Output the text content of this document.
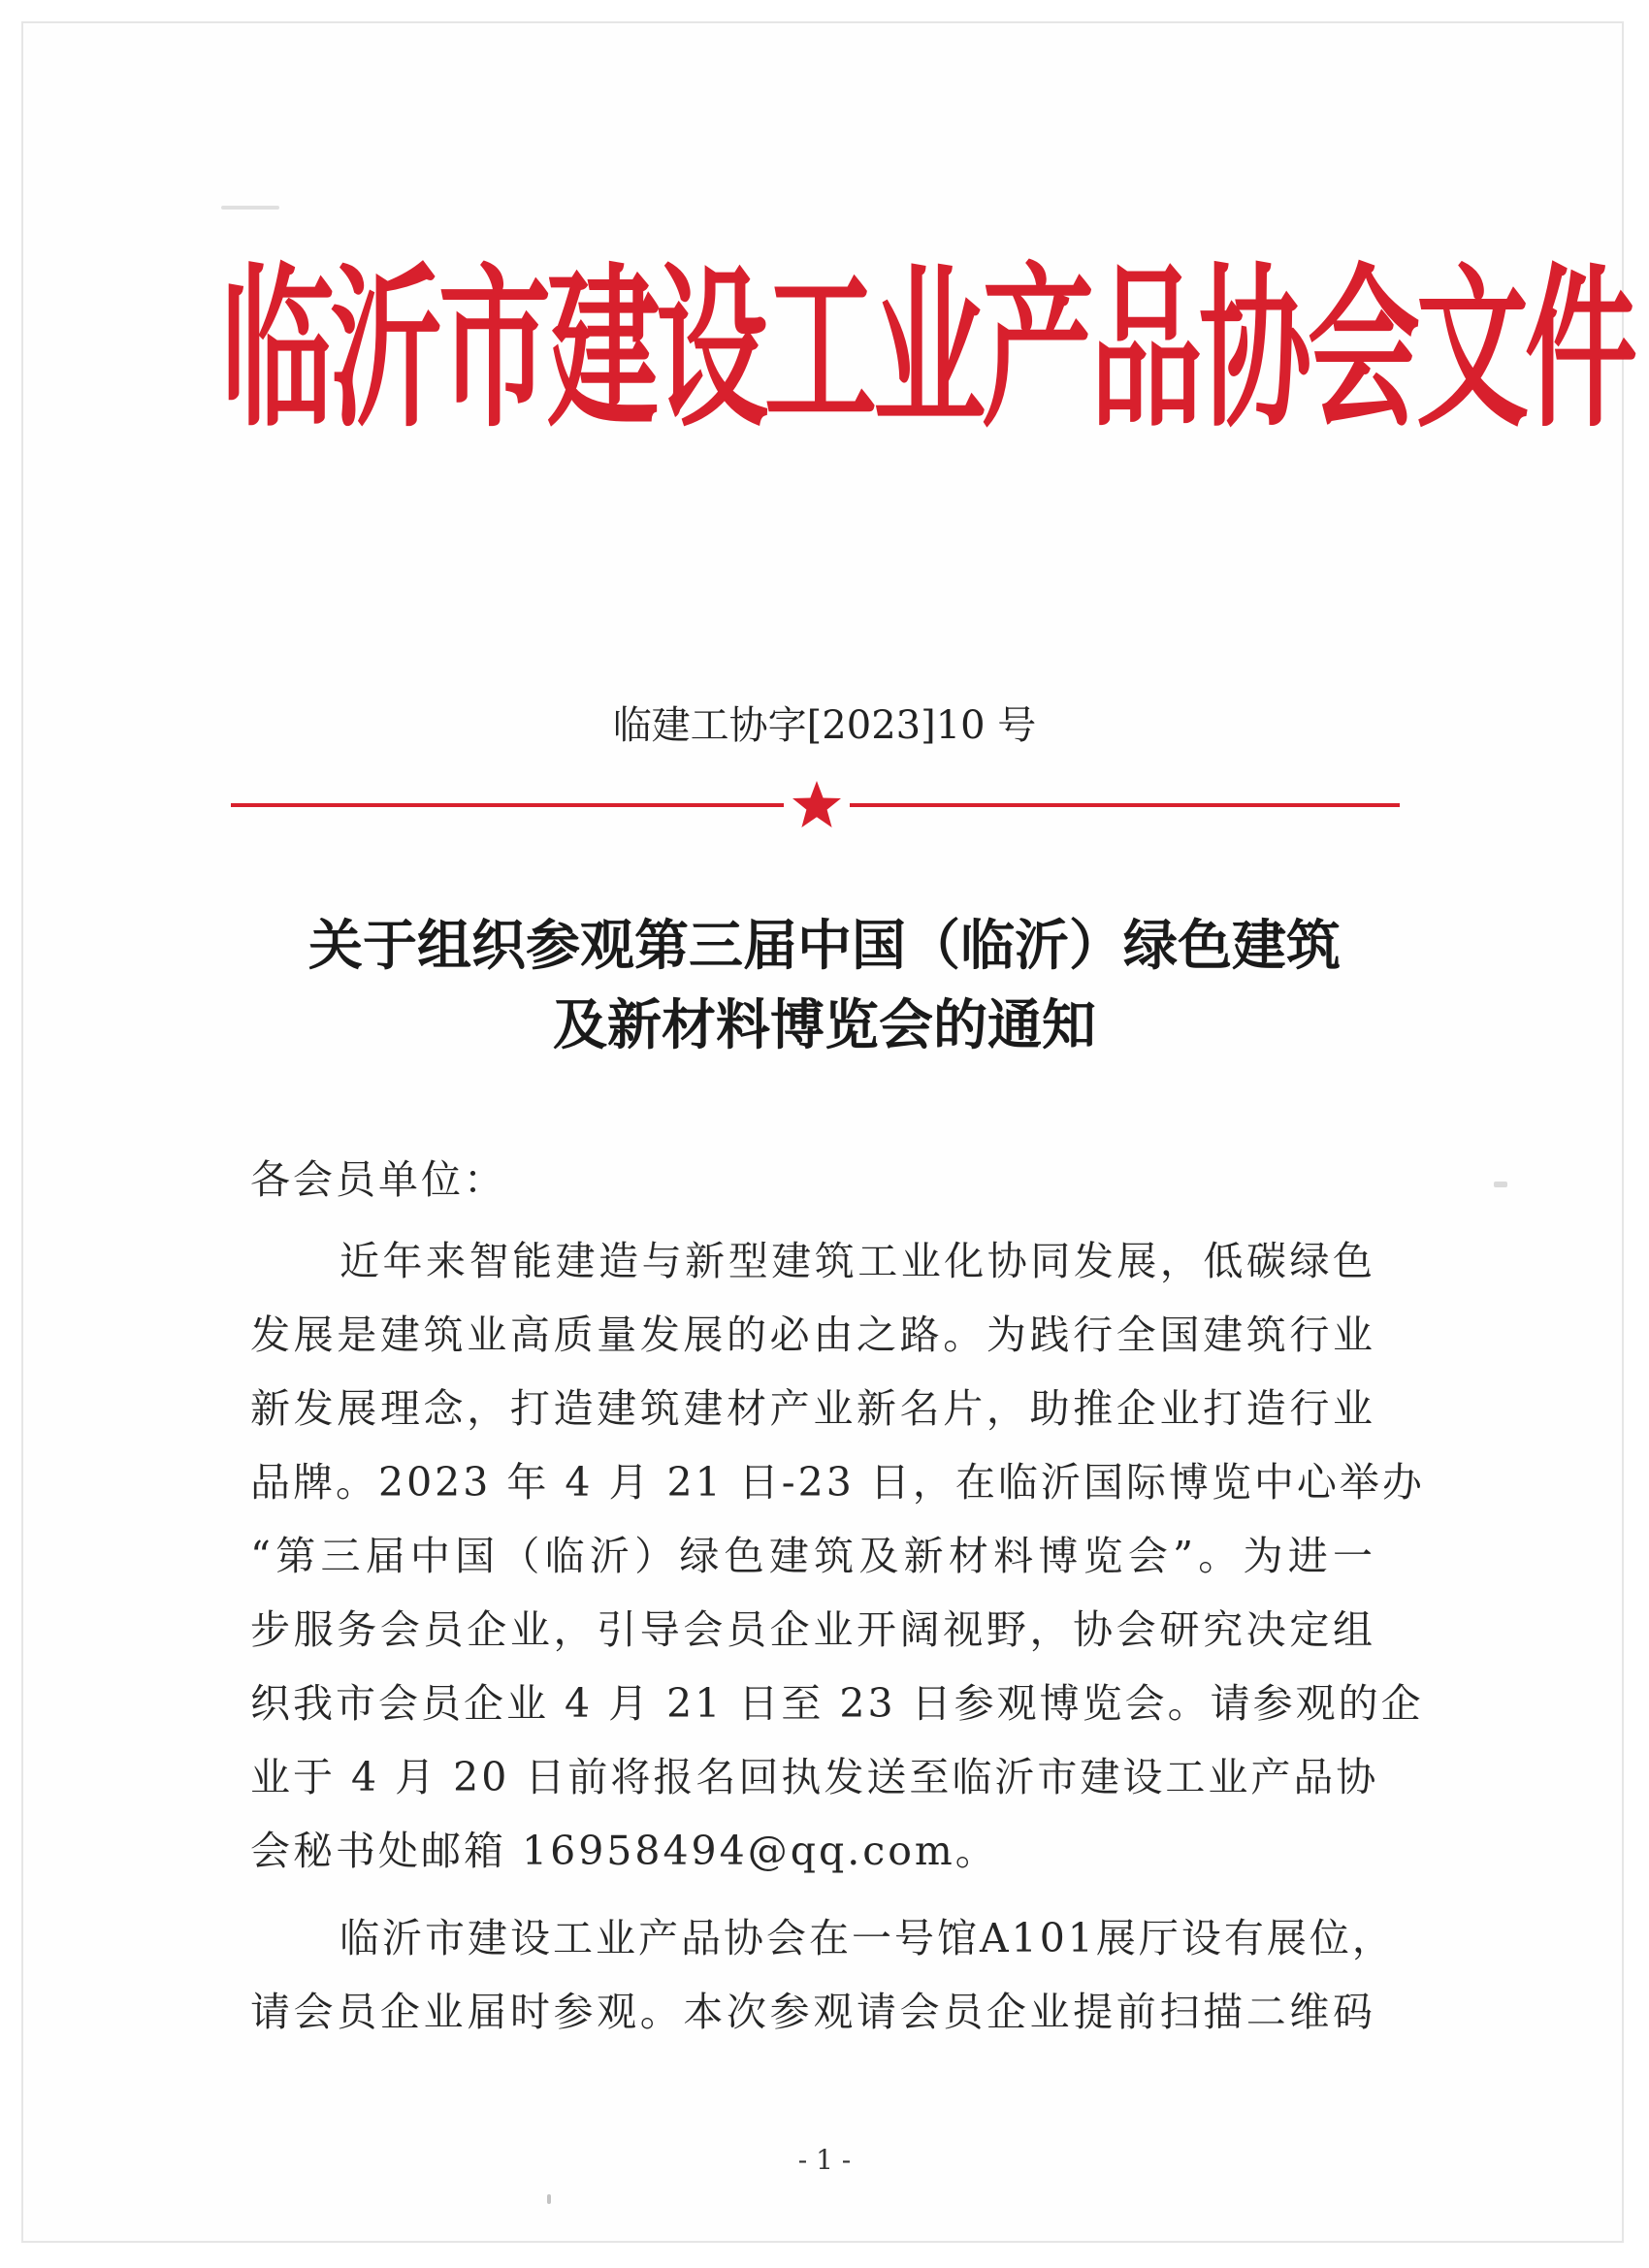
临沂市建设工业产品协会文件
临建工协字[2023]10 号
关于组织参观第三届中国（临沂）绿色建筑
及新材料博览会的通知
各会员单位：
近年来智能建造与新型建筑工业化协同发展，低碳绿色
发展是建筑业高质量发展的必由之路。为践行全国建筑行业
新发展理念，打造建筑建材产业新名片，助推企业打造行业
品牌。2023 年 4 月 21 日-23 日，在临沂国际博览中心举办
“第三届中国（临沂）绿色建筑及新材料博览会”。为进一
步服务会员企业，引导会员企业开阔视野，协会研究决定组
织我市会员企业 4 月 21 日至 23 日参观博览会。请参观的企
业于 4 月 20 日前将报名回执发送至临沂市建设工业产品协
会秘书处邮箱 16958494@qq.com。
临沂市建设工业产品协会在一号馆A101展厅设有展位，
请会员企业届时参观。本次参观请会员企业提前扫描二维码
- 1 -
